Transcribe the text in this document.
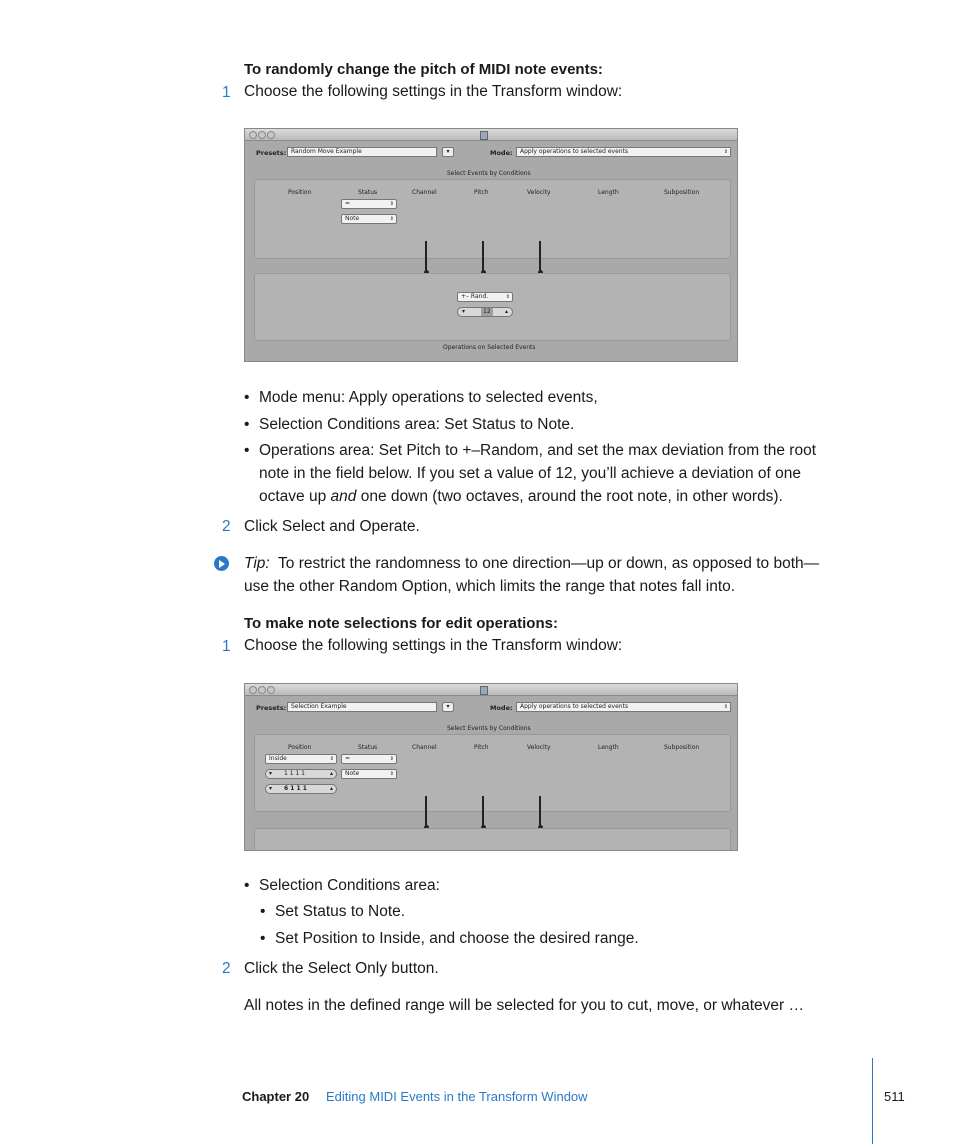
To randomly change the pitch of MIDI note events:
1 Choose the following settings in the Transform window:
Presets: Random Move Example	▾	Mode:	Apply operations to selected events	⇕
Select Events by Conditions
Position	Status	Channel	Pitch	Velocity	Length	Subposition
=	⇕
Note	⇕
+– Rand.	⇕
▾	12	▴
Operations on Selected Events
• Mode menu: Apply operations to selected events,
• Selection Conditions area: Set Status to Note.
• Operations area: Set Pitch to +–Random, and set the max deviation from the root
note in the field below. If you set a value of 12, you’ll achieve a deviation of one
octave up and one down (two octaves, around the root note, in other words).
2 Click Select and Operate.
Tip: To restrict the randomness to one direction—up or down, as opposed to both—
use the other Random Option, which limits the range that notes fall into.
To make note selections for edit operations:
1 Choose the following settings in the Transform window:
Presets: Selection Example	▾	Mode:	Apply operations to selected events	⇕
Select Events by Conditions
Position	Status	Channel	Pitch	Velocity	Length	Subposition
Inside	⇕
▾ 1 1 1 1	▴
▾ 6 1 1 1	▴
=	⇕
Note	⇕
• Selection Conditions area:
• Set Status to Note.
• Set Position to Inside, and choose the desired range.
2 Click the Select Only button.
All notes in the defined range will be selected for you to cut, move, or whatever …
Chapter 20 Editing MIDI Events in the Transform Window	511
